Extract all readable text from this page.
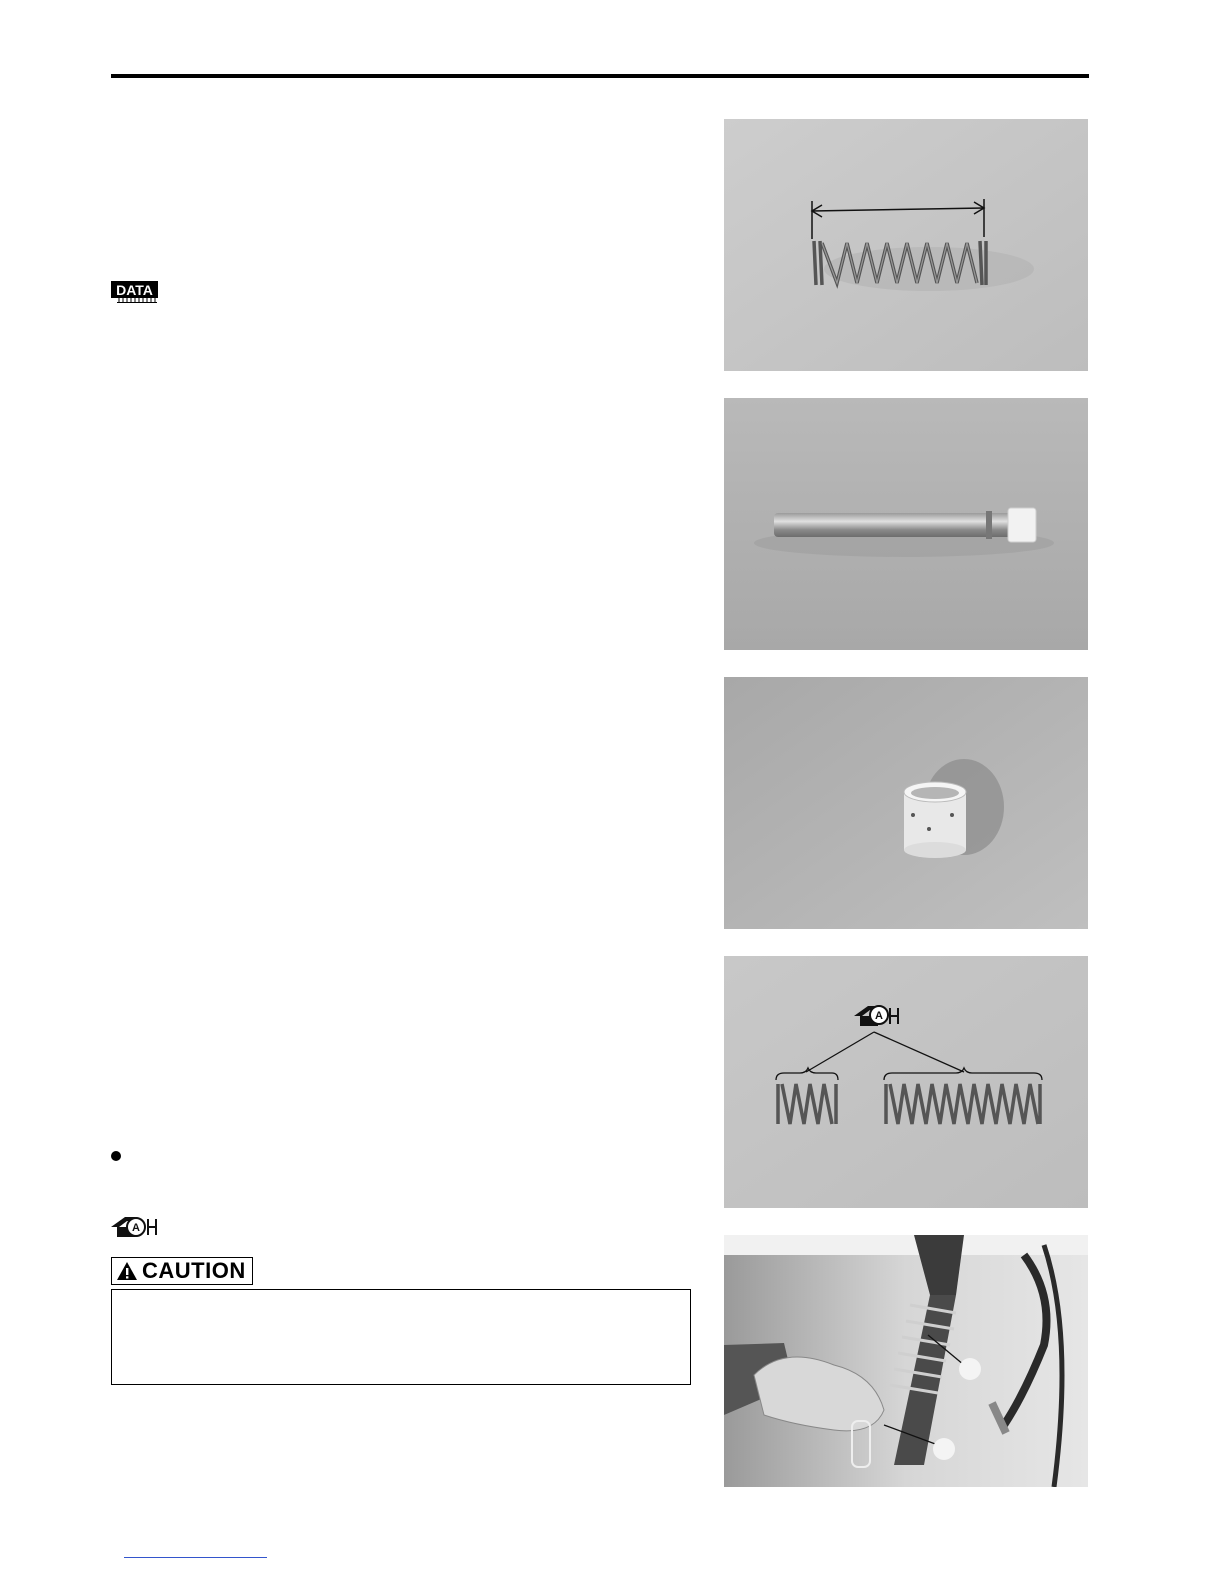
A
DATA
A
CAUTION
